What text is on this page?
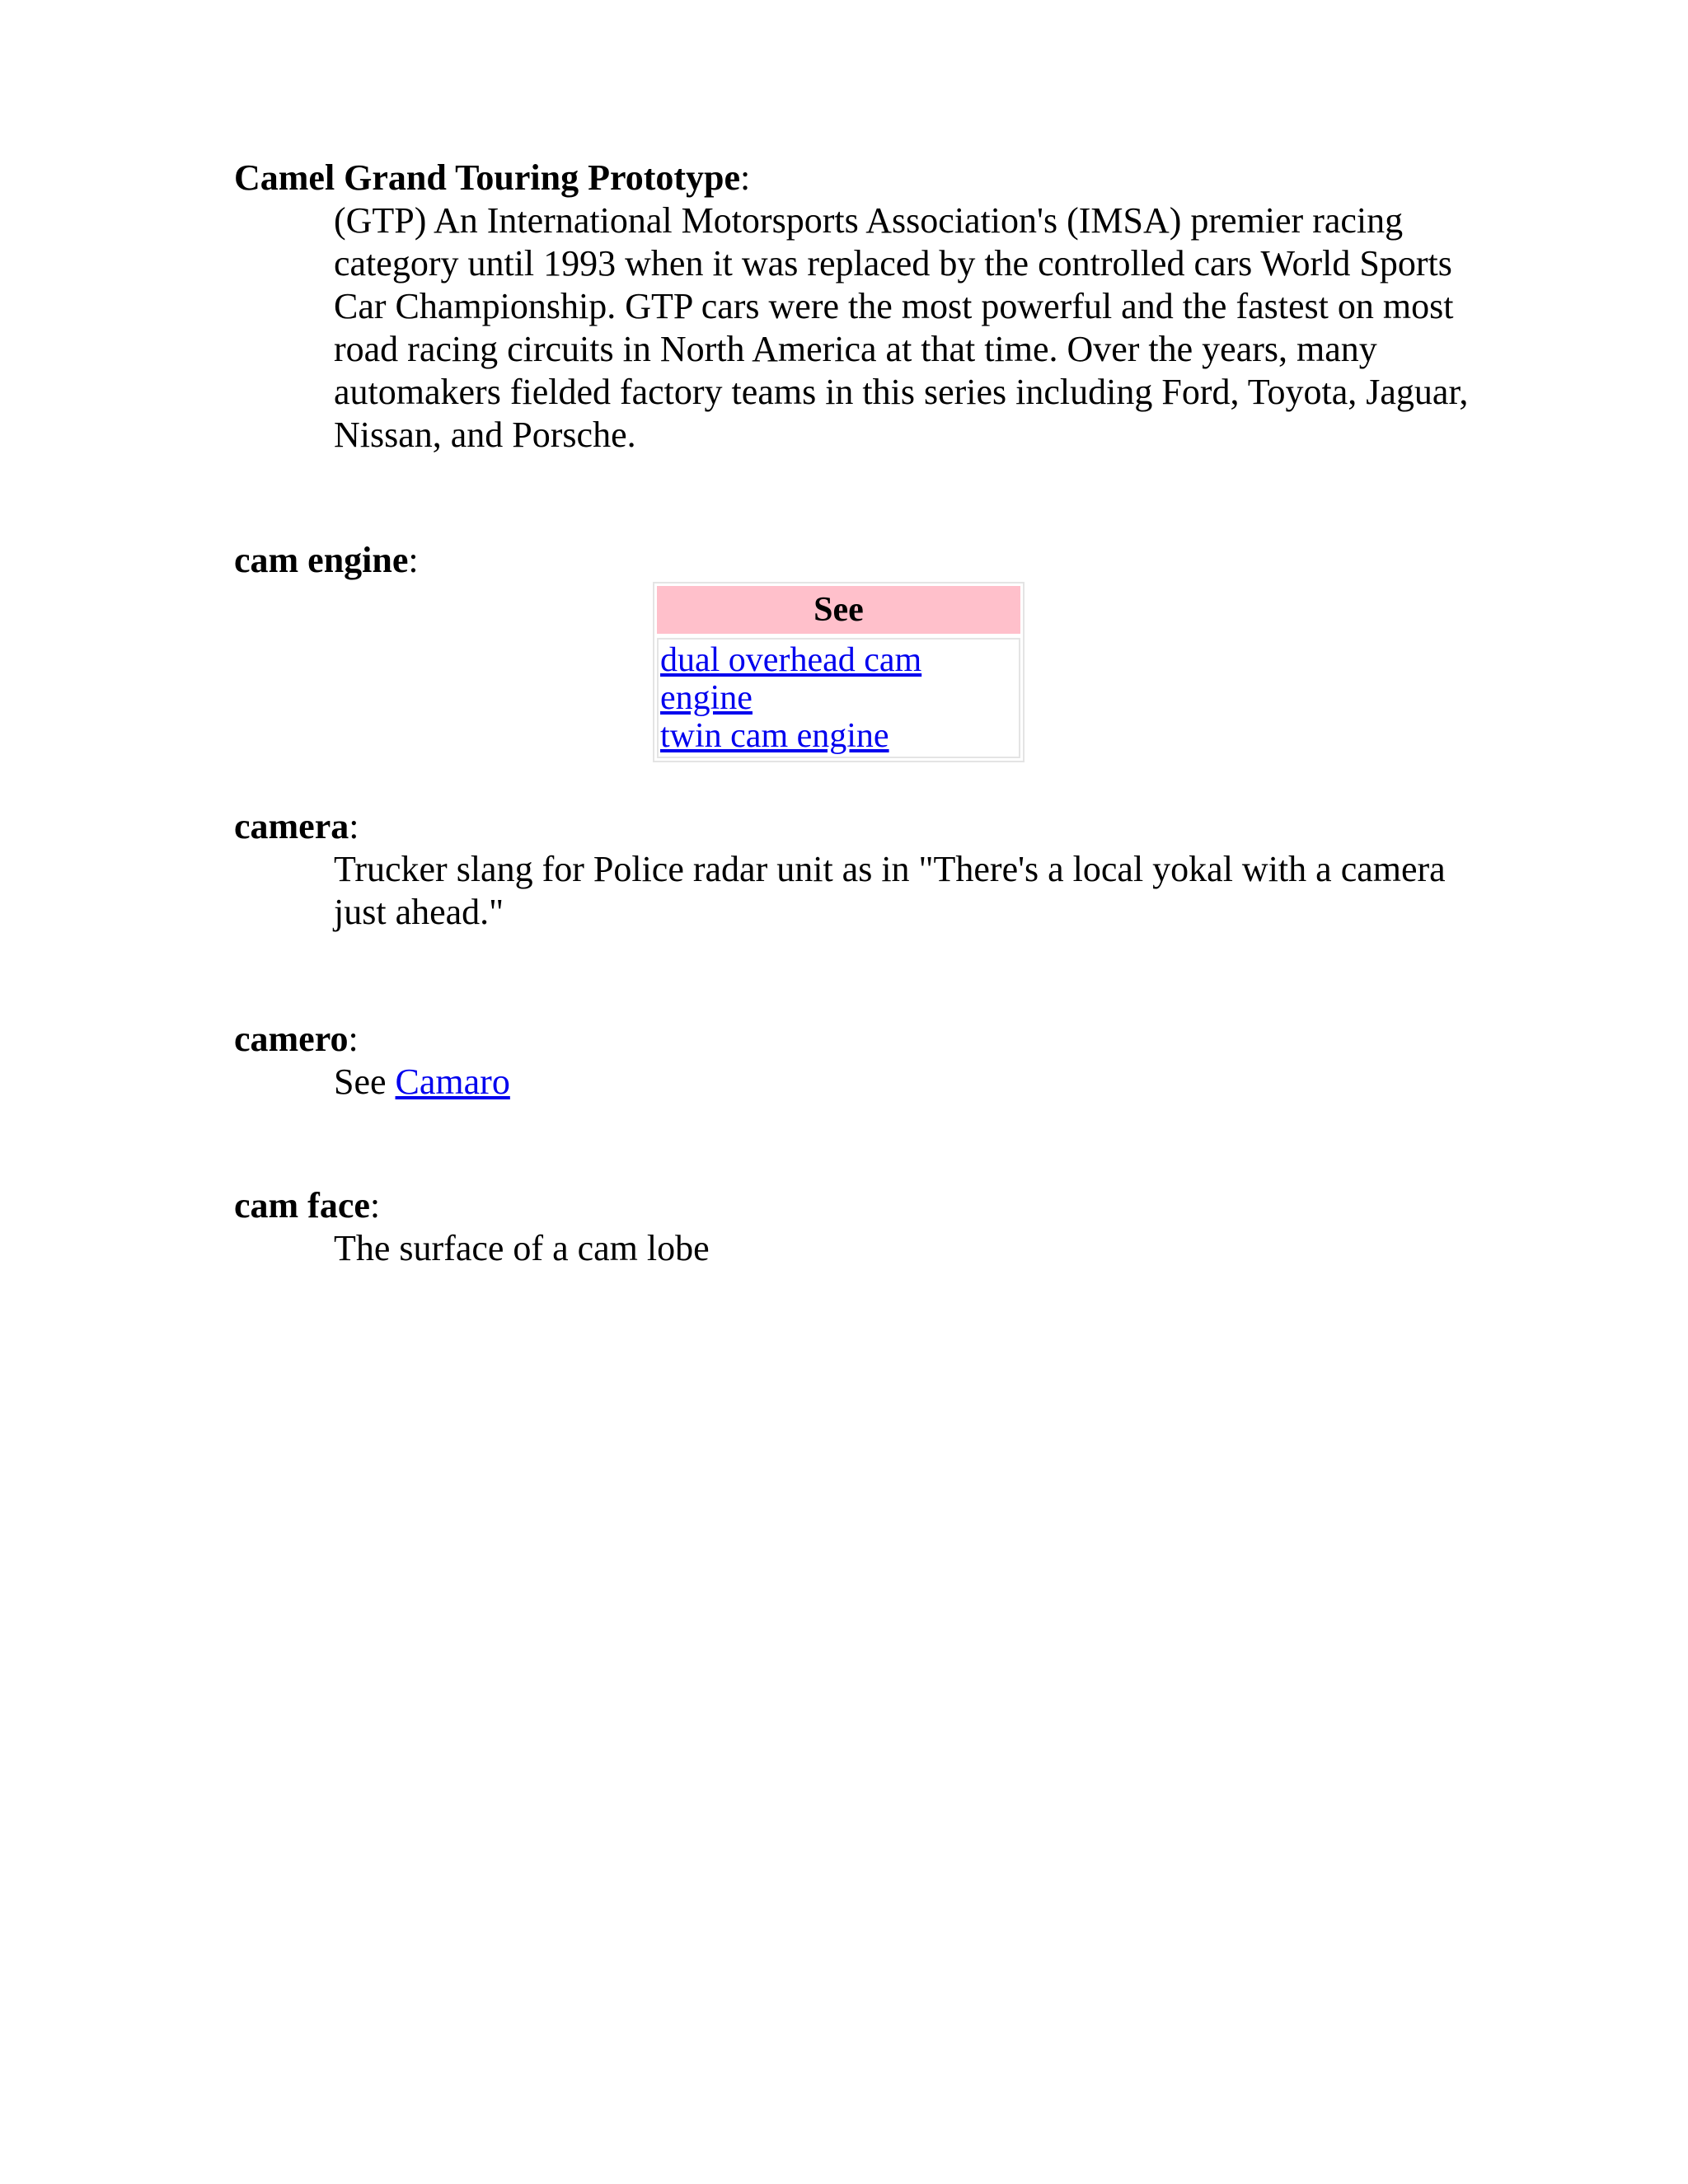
Camel Grand Touring Prototype:

(GTP) An International Motorsports Association's (IMSA) premier racing category until 1993 when it was replaced by the controlled cars World Sports Car Championship. GTP cars were the most powerful and the fastest on most road racing circuits in North America at that time. Over the years, many automakers fielded factory teams in this series including Ford, Toyota, Jaguar, Nissan, and Porsche.

cam engine:

See
dual overhead cam engine
twin cam engine

camera:

Trucker slang for Police radar unit as in "There's a local yokal with a camera just ahead."

camero:

See Camaro

cam face:

The surface of a cam lobe
